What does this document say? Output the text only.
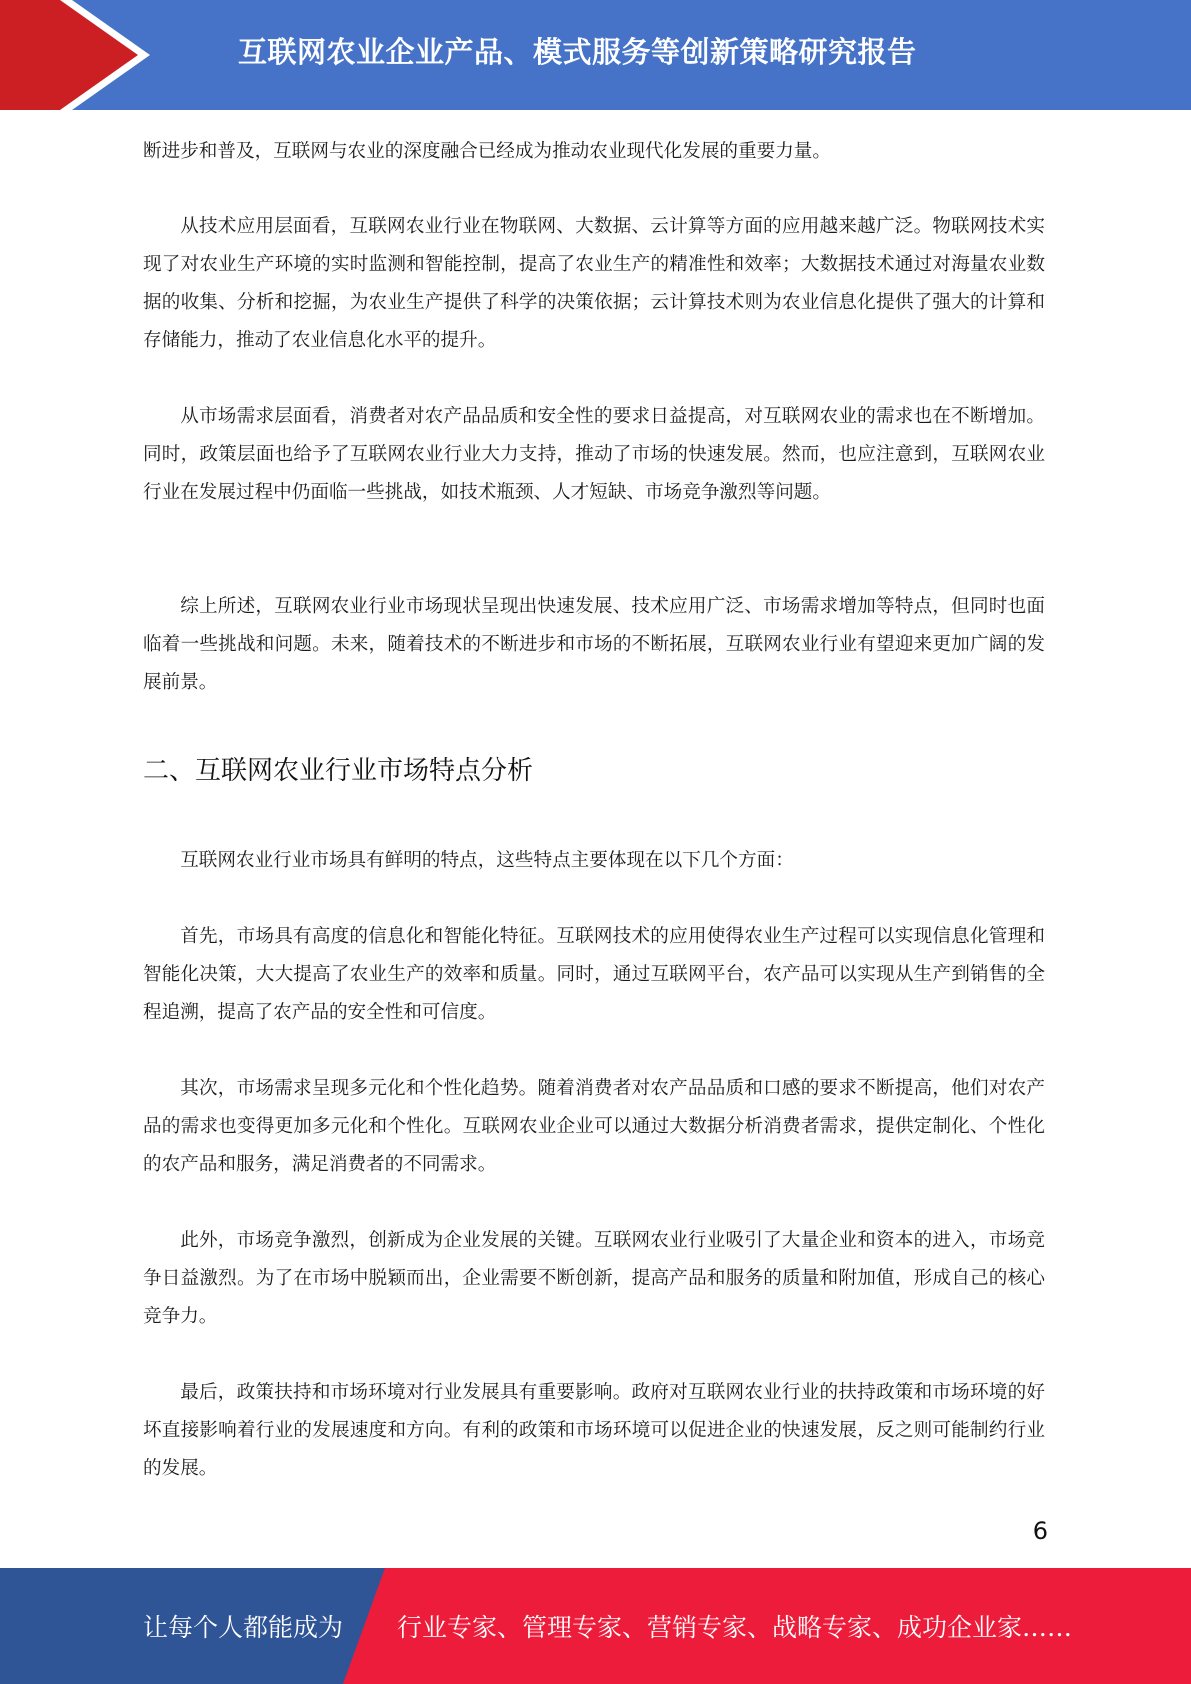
互联网农业企业产品、模式服务等创新策略研究报告

断进步和普及，互联网与农业的深度融合已经成为推动农业现代化发展的重要力量。

从技术应用层面看，互联网农业行业在物联网、大数据、云计算等方面的应用越来越广泛。物联网技术实现了对农业生产环境的实时监测和智能控制，提高了农业生产的精准性和效率；大数据技术通过对海量农业数据的收集、分析和挖掘，为农业生产提供了科学的决策依据；云计算技术则为农业信息化提供了强大的计算和存储能力，推动了农业信息化水平的提升。

从市场需求层面看，消费者对农产品品质和安全性的要求日益提高，对互联网农业的需求也在不断增加。同时，政策层面也给予了互联网农业行业大力支持，推动了市场的快速发展。然而，也应注意到，互联网农业行业在发展过程中仍面临一些挑战，如技术瓶颈、人才短缺、市场竞争激烈等问题。

综上所述，互联网农业行业市场现状呈现出快速发展、技术应用广泛、市场需求增加等特点，但同时也面临着一些挑战和问题。未来，随着技术的不断进步和市场的不断拓展，互联网农业行业有望迎来更加广阔的发展前景。

二、互联网农业行业市场特点分析

互联网农业行业市场具有鲜明的特点，这些特点主要体现在以下几个方面：

首先，市场具有高度的信息化和智能化特征。互联网技术的应用使得农业生产过程可以实现信息化管理和智能化决策，大大提高了农业生产的效率和质量。同时，通过互联网平台，农产品可以实现从生产到销售的全程追溯，提高了农产品的安全性和可信度。

其次，市场需求呈现多元化和个性化趋势。随着消费者对农产品品质和口感的要求不断提高，他们对农产品的需求也变得更加多元化和个性化。互联网农业企业可以通过大数据分析消费者需求，提供定制化、个性化的农产品和服务，满足消费者的不同需求。

此外，市场竞争激烈，创新成为企业发展的关键。互联网农业行业吸引了大量企业和资本的进入，市场竞争日益激烈。为了在市场中脱颖而出，企业需要不断创新，提高产品和服务的质量和附加值，形成自己的核心竞争力。

最后，政策扶持和市场环境对行业发展具有重要影响。政府对互联网农业行业的扶持政策和市场环境的好坏直接影响着行业的发展速度和方向。有利的政策和市场环境可以促进企业的快速发展，反之则可能制约行业的发展。

6
让每个人都能成为 行业专家、管理专家、营销专家、战略专家、成功企业家……
